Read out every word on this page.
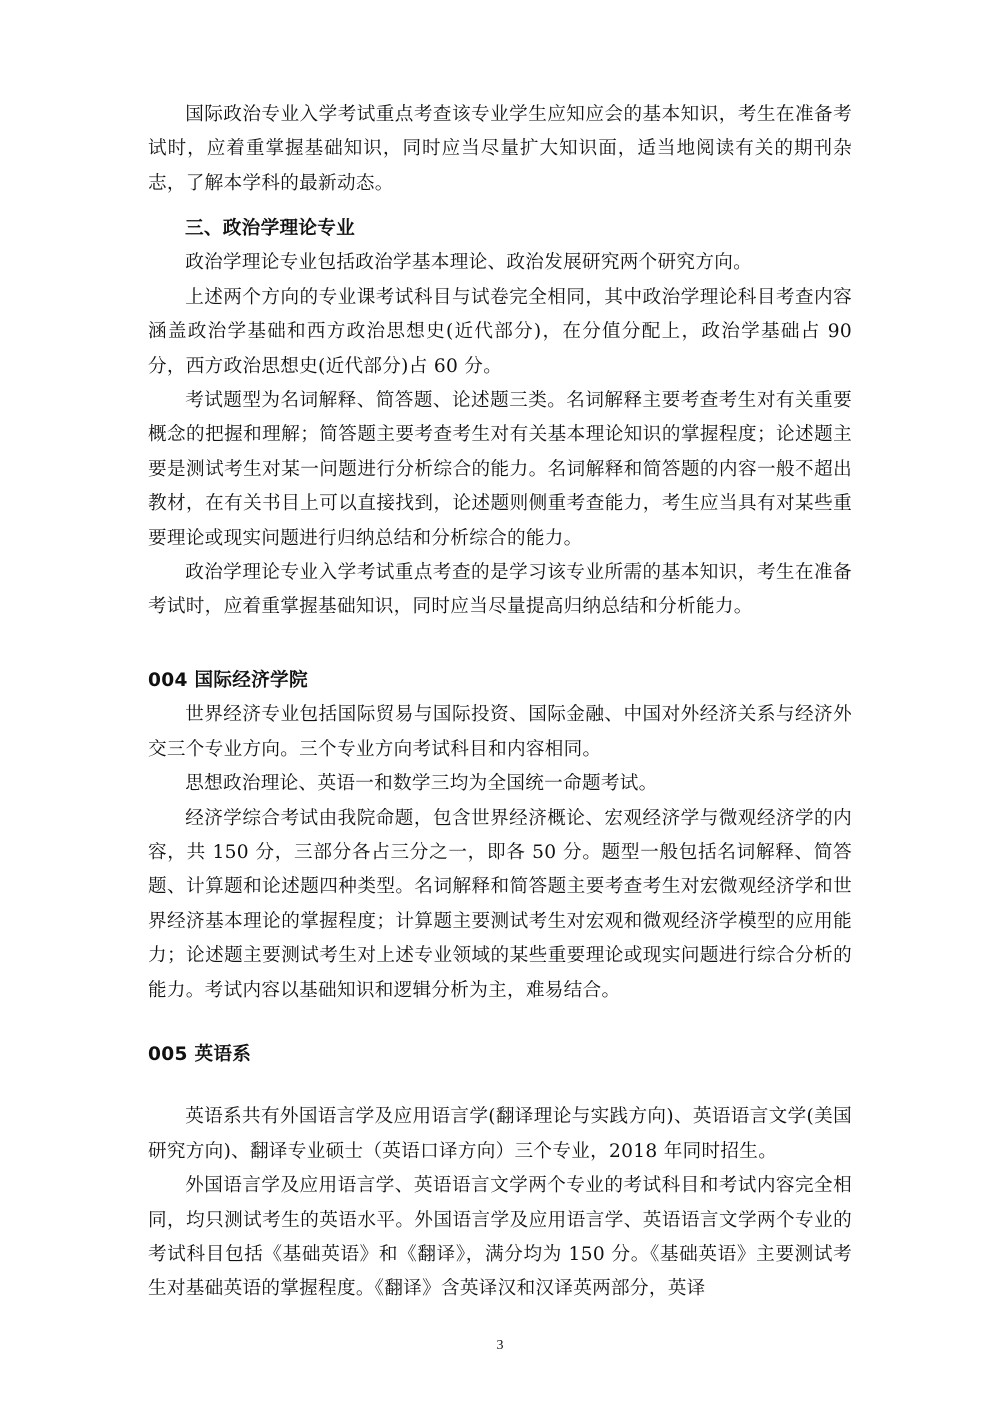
国际政治专业入学考试重点考查该专业学生应知应会的基本知识，考生在准备考试时，应着重掌握基础知识，同时应当尽量扩大知识面，适当地阅读有关的期刊杂志，了解本学科的最新动态。

三、政治学理论专业

政治学理论专业包括政治学基本理论、政治发展研究两个研究方向。

上述两个方向的专业课考试科目与试卷完全相同，其中政治学理论科目考查内容涵盖政治学基础和西方政治思想史(近代部分)，在分值分配上，政治学基础占 90 分，西方政治思想史(近代部分)占 60 分。

考试题型为名词解释、简答题、论述题三类。名词解释主要考查考生对有关重要概念的把握和理解；简答题主要考查考生对有关基本理论知识的掌握程度；论述题主要是测试考生对某一问题进行分析综合的能力。名词解释和简答题的内容一般不超出教材，在有关书目上可以直接找到，论述题则侧重考查能力，考生应当具有对某些重要理论或现实问题进行归纳总结和分析综合的能力。

政治学理论专业入学考试重点考查的是学习该专业所需的基本知识，考生在准备考试时，应着重掌握基础知识，同时应当尽量提高归纳总结和分析能力。

004 国际经济学院

世界经济专业包括国际贸易与国际投资、国际金融、中国对外经济关系与经济外交三个专业方向。三个专业方向考试科目和内容相同。

思想政治理论、英语一和数学三均为全国统一命题考试。

经济学综合考试由我院命题，包含世界经济概论、宏观经济学与微观经济学的内容，共 150 分，三部分各占三分之一，即各 50 分。题型一般包括名词解释、简答题、计算题和论述题四种类型。名词解释和简答题主要考查考生对宏微观经济学和世界经济基本理论的掌握程度；计算题主要测试考生对宏观和微观经济学模型的应用能力；论述题主要测试考生对上述专业领域的某些重要理论或现实问题进行综合分析的能力。考试内容以基础知识和逻辑分析为主，难易结合。

005 英语系

英语系共有外国语言学及应用语言学(翻译理论与实践方向)、英语语言文学(美国研究方向)、翻译专业硕士（英语口译方向）三个专业，2018 年同时招生。

外国语言学及应用语言学、英语语言文学两个专业的考试科目和考试内容完全相同，均只测试考生的英语水平。外国语言学及应用语言学、英语语言文学两个专业的考试科目包括《基础英语》和《翻译》，满分均为 150 分。《基础英语》主要测试考生对基础英语的掌握程度。《翻译》含英译汉和汉译英两部分，英译

3
